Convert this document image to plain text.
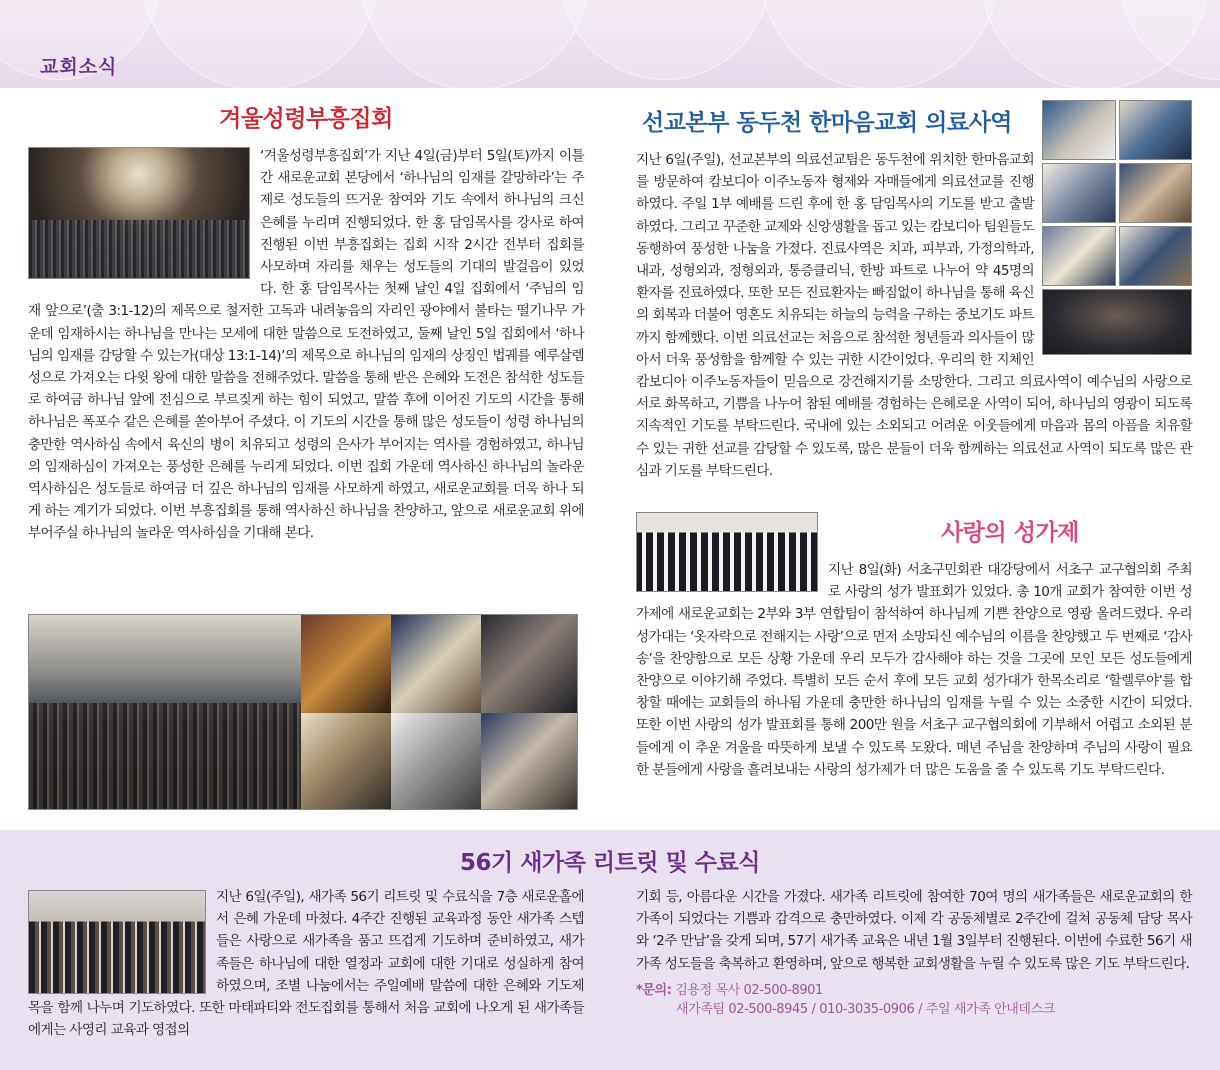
교회소식
겨울성령부흥집회
‘겨울성령부흥집회’가 지난 4일(금)부터 5일(토)까지 이틀간 새로운교회 본당에서 ‘하나님의 임재를 갈망하라’는 주제로 성도들의 뜨거운 참여와 기도 속에서 하나님의 크신 은혜를 누리며 진행되었다. 한 홍 담임목사를 강사로 하여 진행된 이번 부흥집회는 집회 시작 2시간 전부터 집회를 사모하며 자리를 채우는 성도들의 기대의 발걸음이 있었다. 한 홍 담임목사는 첫째 날인 4일 집회에서 ‘주님의 임재 앞으로’(출 3:1-12)의 제목으로 철저한 고독과 내려놓음의 자리인 광야에서 불타는 떨기나무 가운데 임재하시는 하나님을 만나는 모세에 대한 말씀으로 도전하였고, 둘째 날인 5일 집회에서 ‘하나님의 임재를 감당할 수 있는가(대상 13:1-14)’의 제목으로 하나님의 임재의 상징인 법궤를 예루살렘 성으로 가져오는 다윗 왕에 대한 말씀을 전해주었다. 말씀을 통해 받은 은혜와 도전은 참석한 성도들로 하여금 하나님 앞에 전심으로 부르짖게 하는 힘이 되었고, 말씀 후에 이어진 기도의 시간을 통해 하나님은 폭포수 같은 은혜를 쏟아부어 주셨다. 이 기도의 시간을 통해 많은 성도들이 성령 하나님의 충만한 역사하심 속에서 육신의 병이 치유되고 성령의 은사가 부어지는 역사를 경험하였고, 하나님의 임재하심이 가져오는 풍성한 은혜를 누리게 되었다. 이번 집회 가운데 역사하신 하나님의 놀라운 역사하심은 성도들로 하여금 더 깊은 하나님의 임재를 사모하게 하였고, 새로운교회를 더욱 하나 되게 하는 계기가 되었다. 이번 부흥집회를 통해 역사하신 하나님을 찬양하고, 앞으로 새로운교회 위에 부어주실 하나님의 놀라운 역사하심을 기대해 본다.
선교본부 동두천 한마음교회 의료사역
지난 6일(주일), 선교본부의 의료선교팀은 동두천에 위치한 한마음교회를 방문하여 캄보디아 이주노동자 형제와 자매들에게 의료선교를 진행하였다. 주일 1부 예배를 드린 후에 한 홍 담임목사의 기도를 받고 출발하였다. 그리고 꾸준한 교제와 신앙생활을 돕고 있는 캄보디아 팀원들도 동행하여 풍성한 나눔을 가졌다. 진료사역은 치과, 피부과, 가정의학과, 내과, 성형외과, 정형외과, 통증클리닉, 한방 파트로 나누어 약 45명의 환자를 진료하였다. 또한 모든 진료환자는 빠짐없이 하나님을 통해 육신의 회복과 더불어 영혼도 치유되는 하늘의 능력을 구하는 중보기도 파트까지 함께했다. 이번 의료선교는 처음으로 참석한 청년들과 의사들이 많아서 더욱 풍성함을 함께할 수 있는 귀한 시간이었다. 우리의 한 지체인 캄보디아 이주노동자들이 믿음으로 강건해지기를 소망한다. 그리고 의료사역이 예수님의 사랑으로 서로 화목하고, 기쁨을 나누어 참된 예배를 경험하는 은혜로운 사역이 되어, 하나님의 영광이 되도록 지속적인 기도를 부탁드린다. 국내에 있는 소외되고 어려운 이웃들에게 마음과 몸의 아픔을 치유할 수 있는 귀한 선교를 감당할 수 있도록, 많은 분들이 더욱 함께하는 의료선교 사역이 되도록 많은 관심과 기도를 부탁드린다.
사랑의 성가제
지난 8일(화) 서초구민회관 대강당에서 서초구 교구협의회 주최로 사랑의 성가 발표회가 있었다. 총 10개 교회가 참여한 이번 성가제에 새로운교회는 2부와 3부 연합팀이 참석하여 하나님께 기쁜 찬양으로 영광 올려드렸다. 우리 성가대는 ‘옷자락으로 전해지는 사랑’으로 먼저 소망되신 예수님의 이름을 찬양했고 두 번째로 ‘감사송’을 찬양함으로 모든 상황 가운데 우리 모두가 감사해야 하는 것을 그곳에 모인 모든 성도들에게 찬양으로 이야기해 주었다. 특별히 모든 순서 후에 모든 교회 성가대가 한목소리로 ‘할렐루야’를 합창할 때에는 교회들의 하나됨 가운데 충만한 하나님의 임재를 누릴 수 있는 소중한 시간이 되었다. 또한 이번 사랑의 성가 발표회를 통해 200만 원을 서초구 교구협의회에 기부해서 어렵고 소외된 분들에게 이 추운 겨울을 따뜻하게 보낼 수 있도록 도왔다. 매년 주님을 찬양하며 주님의 사랑이 필요한 분들에게 사랑을 흘려보내는 사랑의 성가제가 더 많은 도움을 줄 수 있도록 기도 부탁드린다.
56기 새가족 리트릿 및 수료식
지난 6일(주일), 새가족 56기 리트릿 및 수료식을 7층 새로운홀에서 은혜 가운데 마쳤다. 4주간 진행된 교육과정 동안 새가족 스텝들은 사랑으로 새가족을 품고 뜨겁게 기도하며 준비하였고, 새가족들은 하나님에 대한 열정과 교회에 대한 기대로 성실하게 참여하였으며, 조별 나눔에서는 주일예배 말씀에 대한 은혜와 기도제목을 함께 나누며 기도하였다. 또한 마태파티와 전도집회를 통해서 처음 교회에 나오게 된 새가족들에게는 사영리 교육과 영접의
기회 등, 아름다운 시간을 가졌다. 새가족 리트릿에 참여한 70여 명의 새가족들은 새로운교회의 한 가족이 되었다는 기쁨과 감격으로 충만하였다. 이제 각 공동체별로 2주간에 걸쳐 공동체 담당 목사와 ‘2주 만남’을 갖게 되며, 57기 새가족 교육은 내년 1월 3일부터 진행된다. 이번에 수료한 56기 새가족 성도들을 축복하고 환영하며, 앞으로 행복한 교회생활을 누릴 수 있도록 많은 기도 부탁드린다.
*문의: 김용정 목사 02-500-8901
새가족팀 02-500-8945 / 010-3035-0906 / 주일 새가족 안내데스크
